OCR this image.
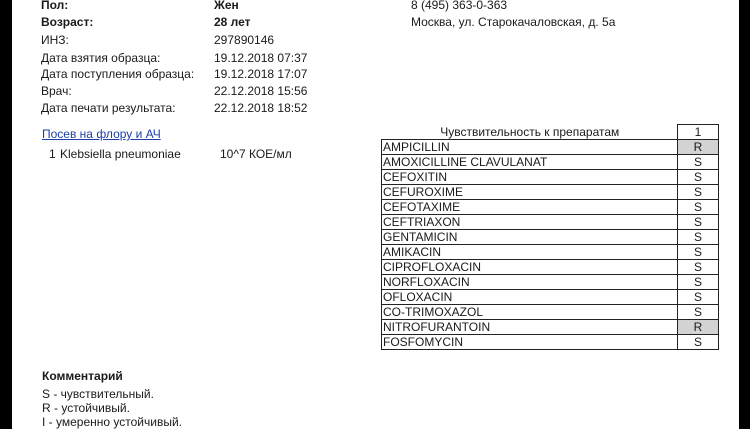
Пол:	Жен	8 (495) 363-0-363
Возраст:	28 лет	Москва, ул. Старокачаловская, д. 5а
ИНЗ:	297890146
Дата взятия образца:	19.12.2018 07:37
Дата поступления образца: 19.12.2018 17:07
Врач:	22.12.2018 15:56
Дата печати результата:	22.12.2018 18:52
Посев на флору и АЧ
1 Klebsiella pneumoniae	10^7 КОЕ/мл
Чувствительность к препаратам	1
AMPICILLIN	R
AMOXICILLINE CLAVULANAT	S
CEFOXITIN	S
CEFUROXIME	S
CEFOTAXIME	S
CEFTRIAXON	S
GENTAMICIN	S
AMIKACIN	S
CIPROFLOXACIN	S
NORFLOXACIN	S
OFLOXACIN	S
CO-TRIMOXAZOL	S
NITROFURANTOIN	R
FOSFOMYCIN	S
Комментарий
S - чувствительный.
R - устойчивый.
I - умеренно устойчивый.
